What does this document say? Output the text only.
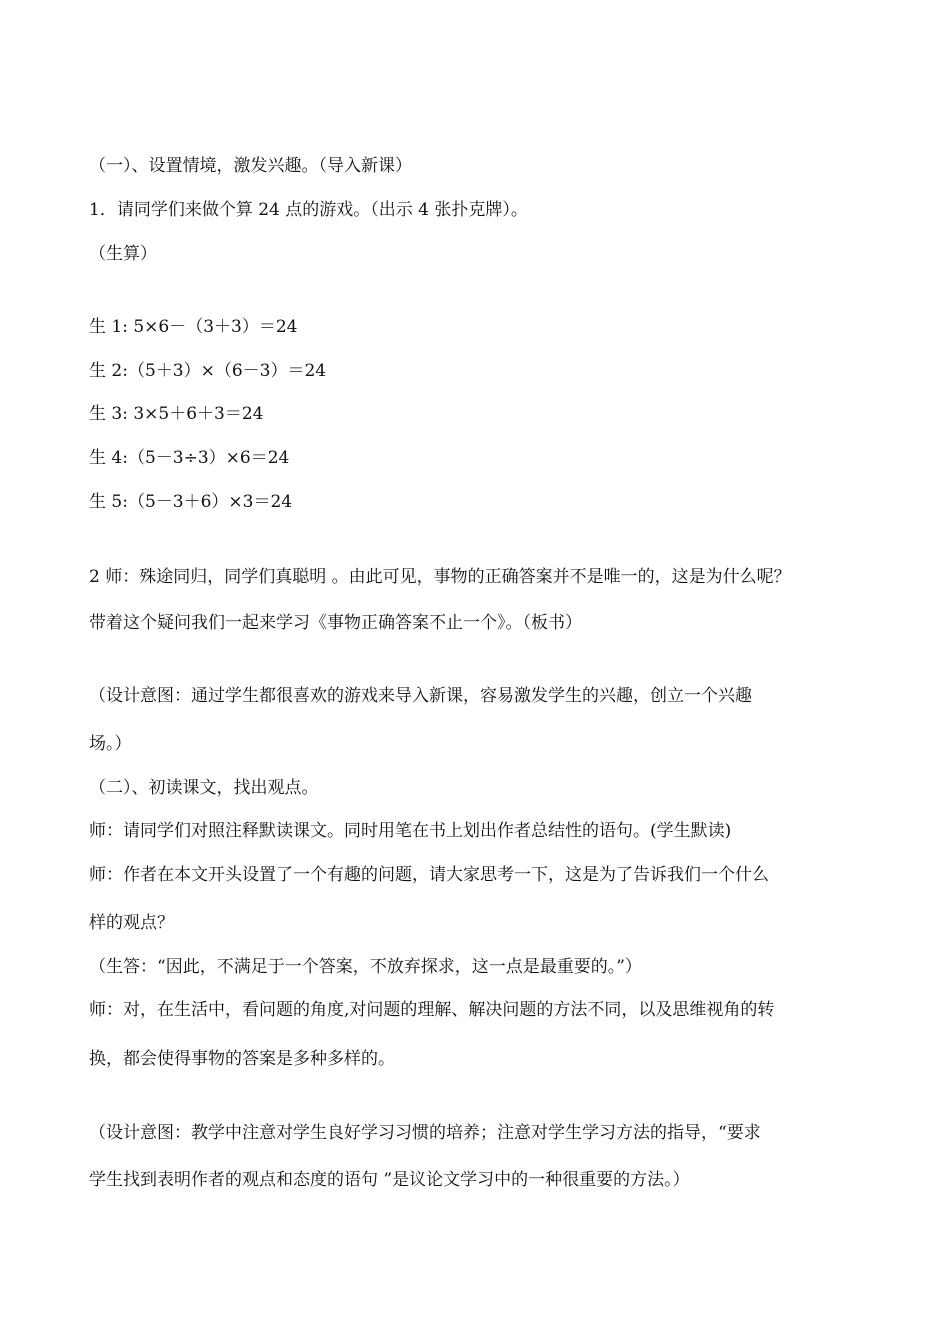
（一）、设置情境，激发兴趣。（导入新课）
1．请同学们来做个算 24 点的游戏。（出示 4 张扑克牌）。
（生算）
生 1: 5×6－（3＋3）＝24
生 2:（5＋3）×（6－3）＝24
生 3: 3×5＋6＋3＝24
生 4:（5－3÷3）×6＝24
生 5:（5－3＋6）×3＝24
2 师：殊途同归，同学们真聪明 。由此可见，事物的正确答案并不是唯一的，这是为什么呢？
带着这个疑问我们一起来学习《事物正确答案不止一个》。（板书）
（设计意图：通过学生都很喜欢的游戏来导入新课，容易激发学生的兴趣，创立一个兴趣
场。）
（二）、初读课文，找出观点。
师：请同学们对照注释默读课文。同时用笔在书上划出作者总结性的语句。(学生默读)
师：作者在本文开头设置了一个有趣的问题，请大家思考一下，这是为了告诉我们一个什么
样的观点？
（生答：“因此，不满足于一个答案，不放弃探求，这一点是最重要的。”）
师：对，在生活中，看问题的角度,对问题的理解、解决问题的方法不同，以及思维视角的转
换，都会使得事物的答案是多种多样的。
（设计意图：教学中注意对学生良好学习习惯的培养；注意对学生学习方法的指导，“要求
学生找到表明作者的观点和态度的语句 ”是议论文学习中的一种很重要的方法。）
